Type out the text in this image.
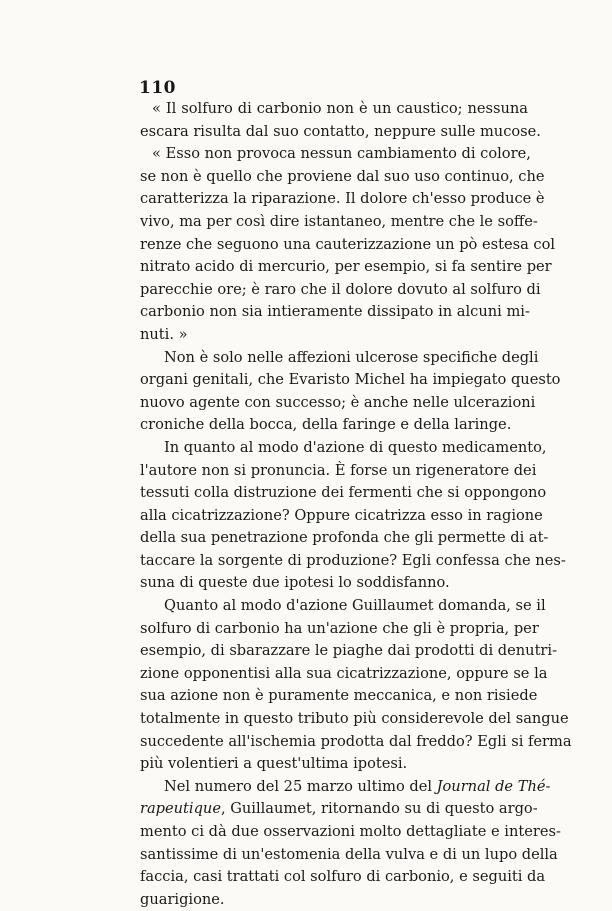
110
« Il solfuro di carbonio non è un caustico; nessuna
escara risulta dal suo contatto, neppure sulle mucose.
« Esso non provoca nessun cambiamento di colore,
se non è quello che proviene dal suo uso continuo, che
caratterizza la riparazione. Il dolore ch'esso produce è
vivo, ma per così dire istantaneo, mentre che le soffe-
renze che seguono una cauterizzazione un pò estesa col
nitrato acido di mercurio, per esempio, si fa sentire per
parecchie ore; è raro che il dolore dovuto al solfuro di
carbonio non sia intieramente dissipato in alcuni mi-
nuti. »
Non è solo nelle affezioni ulcerose specifiche degli
organi genitali, che Evaristo Michel ha impiegato questo
nuovo agente con successo; è anche nelle ulcerazioni
croniche della bocca, della faringe e della laringe.
In quanto al modo d'azione di questo medicamento,
l'autore non si pronuncia. È forse un rigeneratore dei
tessuti colla distruzione dei fermenti che si oppongono
alla cicatrizzazione? Oppure cicatrizza esso in ragione
della sua penetrazione profonda che gli permette di at-
taccare la sorgente di produzione? Egli confessa che nes-
suna di queste due ipotesi lo soddisfanno.
Quanto al modo d'azione Guillaumet domanda, se il
solfuro di carbonio ha un'azione che gli è propria, per
esempio, di sbarazzare le piaghe dai prodotti di denutri-
zione opponentisi alla sua cicatrizzazione, oppure se la
sua azione non è puramente meccanica, e non risiede
totalmente in questo tributo più considerevole del sangue
succedente all'ischemia prodotta dal freddo? Egli si ferma
più volentieri a quest'ultima ipotesi.
Nel numero del 25 marzo ultimo del Journal de Thé-
rapeutique, Guillaumet, ritornando su di questo argo-
mento ci dà due osservazioni molto dettagliate e interes-
santissime di un'estomenia della vulva e di un lupo della
faccia, casi trattati col solfuro di carbonio, e seguiti da
guarigione.
